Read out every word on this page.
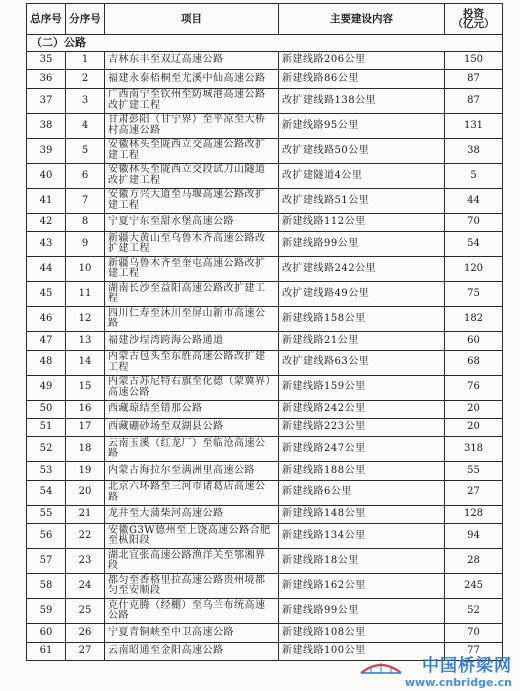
总序号	分序号	项目	主要建设内容	投资
（亿元）

（二）公路				
35	1	吉林东丰至双辽高速公路	新建线路206公里	150
36	2	福建永泰梧桐至尤溪中仙高速公路	新建线路86公里	87
37	3	广西南宁至钦州至防城港高速公路改扩建工程	改扩建线路138公里	87
38	4	甘肃彭阳（甘宁界）至平凉至大桥村高速公路	新建线路95公里	131
39	5	安徽林头至陇西立交高速公路改扩建工程	改扩建线路50公里	38
40	6	安徽林头至陇西立交段试刀山隧道改扩建工程	改扩建隧道4公里	5
41	7	安徽方兴大道至马堰高速公路改扩建工程	改扩建线路51公里	44
42	8	宁夏宁东至甜水堡高速公路	新建线路112公里	70
43	9	新疆大黄山至乌鲁木齐高速公路改扩建工程	新建线路99公里	54
44	10	新疆乌鲁木齐至奎屯高速公路改扩建工程	改扩建线路242公里	120
45	11	湖南长沙至益阳高速公路改扩建工程	改扩建线路49公里	75
46	12	四川仁寿至沐川至屏山新市高速公路	新建线路158公里	182
47	13	福建沙埕湾跨海公路通道	新建线路21公里	60
48	14	内蒙古包头至东胜高速公路改扩建工程	改扩建线路63公里	68
49	15	内蒙古苏尼特右旗至化德（蒙冀界）高速公路	新建线路159公里	76
50	16	西藏琼结至错那公路	新建线路242公里	20
51	17	西藏硼砂场至双湖县公路	新建线路223公里	20
52	18	云南玉溪（红龙厂）至临沧高速公路	新建线路247公里	318
53	19	内蒙古海拉尔至满洲里高速公路	新建线路188公里	55
54	20	北京六环路至三河市诸葛店高速公路	新建线路6公里	27
55	21	龙井至大蒲柴河高速公路	新建线路148公里	128
56	22	安徽G3W德州至上饶高速公路合肥至枞阳段	新建线路134公里	94
57	23	湖北宜张高速公路渔洋关至鄂湘界段	新建线路18公里	28
58	24	都匀至香格里拉高速公路贵州境都匀至安顺段	新建线路162公里	245
59	25	克什克腾（经棚）至乌兰布统高速公路	新建线路99公里	52
60	26	宁夏青铜峡至中卫高速公路	新建线路108公里	70
61	27	云南昭通至金阳高速公路	新建线路100公里	77
中国桥梁网
www.cnbridge.cn
